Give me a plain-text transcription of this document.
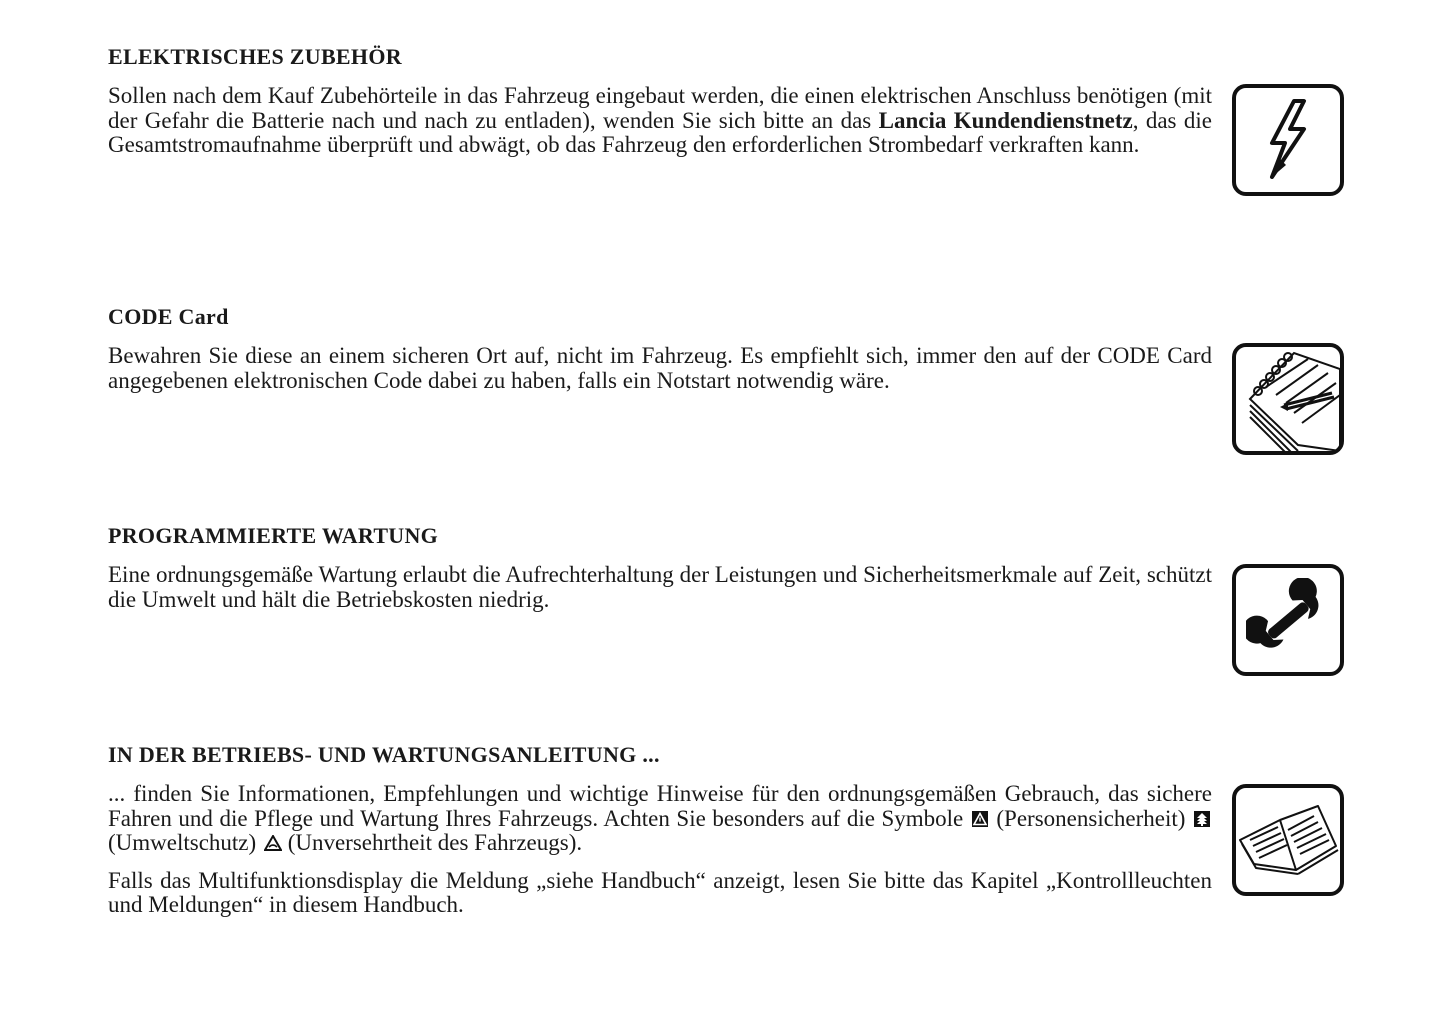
ELEKTRISCHES ZUBEHÖR

Sollen nach dem Kauf Zubehörteile in das Fahrzeug eingebaut werden, die einen elektrischen Anschluss benötigen (mit der Gefahr die Batterie nach und nach zu entladen), wenden Sie sich bitte an das Lancia Kundendienstnetz, das die Gesamtstromaufnahme überprüft und abwägt, ob das Fahrzeug den erforderlichen Strombedarf verkraften kann.

CODE Card

Bewahren Sie diese an einem sicheren Ort auf, nicht im Fahrzeug. Es empfiehlt sich, immer den auf der CODE Card angegebenen elektronischen Code dabei zu haben, falls ein Notstart notwendig wäre.

PROGRAMMIERTE WARTUNG

Eine ordnungsgemäße Wartung erlaubt die Aufrechterhaltung der Leistungen und Sicherheitsmerkmale auf Zeit, schützt die Umwelt und hält die Betriebskosten niedrig.

IN DER BETRIEBS- UND WARTUNGSANLEITUNG ...

... finden Sie Informationen, Empfehlungen und wichtige Hinweise für den ordnungsgemäßen Gebrauch, das sichere Fahren und die Pflege und Wartung Ihres Fahrzeugs. Achten Sie besonders auf die Symbole  (Personensicherheit)  (Umweltschutz)  (Unversehrtheit des Fahrzeugs).

Falls das Multifunktionsdisplay die Meldung „siehe Handbuch“ anzeigt, lesen Sie bitte das Kapitel „Kontrollleuchten und Meldungen“ in diesem Handbuch.
